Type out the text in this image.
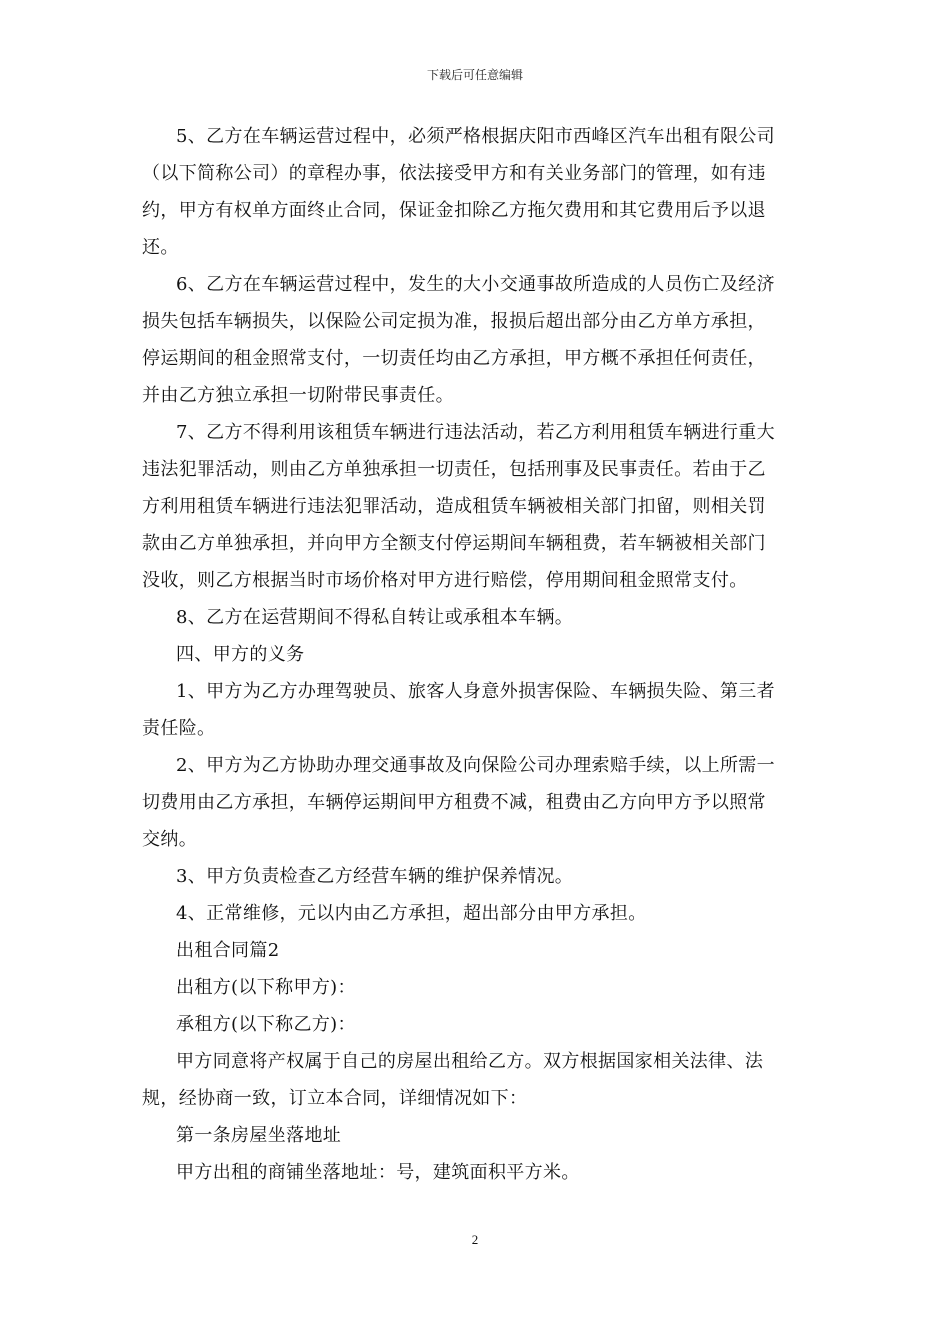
下载后可任意编辑
5、乙方在车辆运营过程中，必须严格根据庆阳市西峰区汽车出租有限公司
（以下简称公司）的章程办事，依法接受甲方和有关业务部门的管理，如有违
约，甲方有权单方面终止合同，保证金扣除乙方拖欠费用和其它费用后予以退
还。
6、乙方在车辆运营过程中，发生的大小交通事故所造成的人员伤亡及经济
损失包括车辆损失，以保险公司定损为准，报损后超出部分由乙方单方承担，
停运期间的租金照常支付，一切责任均由乙方承担，甲方概不承担任何责任，
并由乙方独立承担一切附带民事责任。
7、乙方不得利用该租赁车辆进行违法活动，若乙方利用租赁车辆进行重大
违法犯罪活动，则由乙方单独承担一切责任，包括刑事及民事责任。若由于乙
方利用租赁车辆进行违法犯罪活动，造成租赁车辆被相关部门扣留，则相关罚
款由乙方单独承担，并向甲方全额支付停运期间车辆租费，若车辆被相关部门
没收，则乙方根据当时市场价格对甲方进行赔偿，停用期间租金照常支付。
8、乙方在运营期间不得私自转让或承租本车辆。
四、甲方的义务
1、甲方为乙方办理驾驶员、旅客人身意外损害保险、车辆损失险、第三者
责任险。
2、甲方为乙方协助办理交通事故及向保险公司办理索赔手续，以上所需一
切费用由乙方承担，车辆停运期间甲方租费不减，租费由乙方向甲方予以照常
交纳。
3、甲方负责检查乙方经营车辆的维护保养情况。
4、正常维修，元以内由乙方承担，超出部分由甲方承担。
出租合同篇2
出租方(以下称甲方)：
承租方(以下称乙方)：
甲方同意将产权属于自己的房屋出租给乙方。双方根据国家相关法律、法
规，经协商一致，订立本合同，详细情况如下：
第一条房屋坐落地址
甲方出租的商铺坐落地址：号，建筑面积平方米。
2
